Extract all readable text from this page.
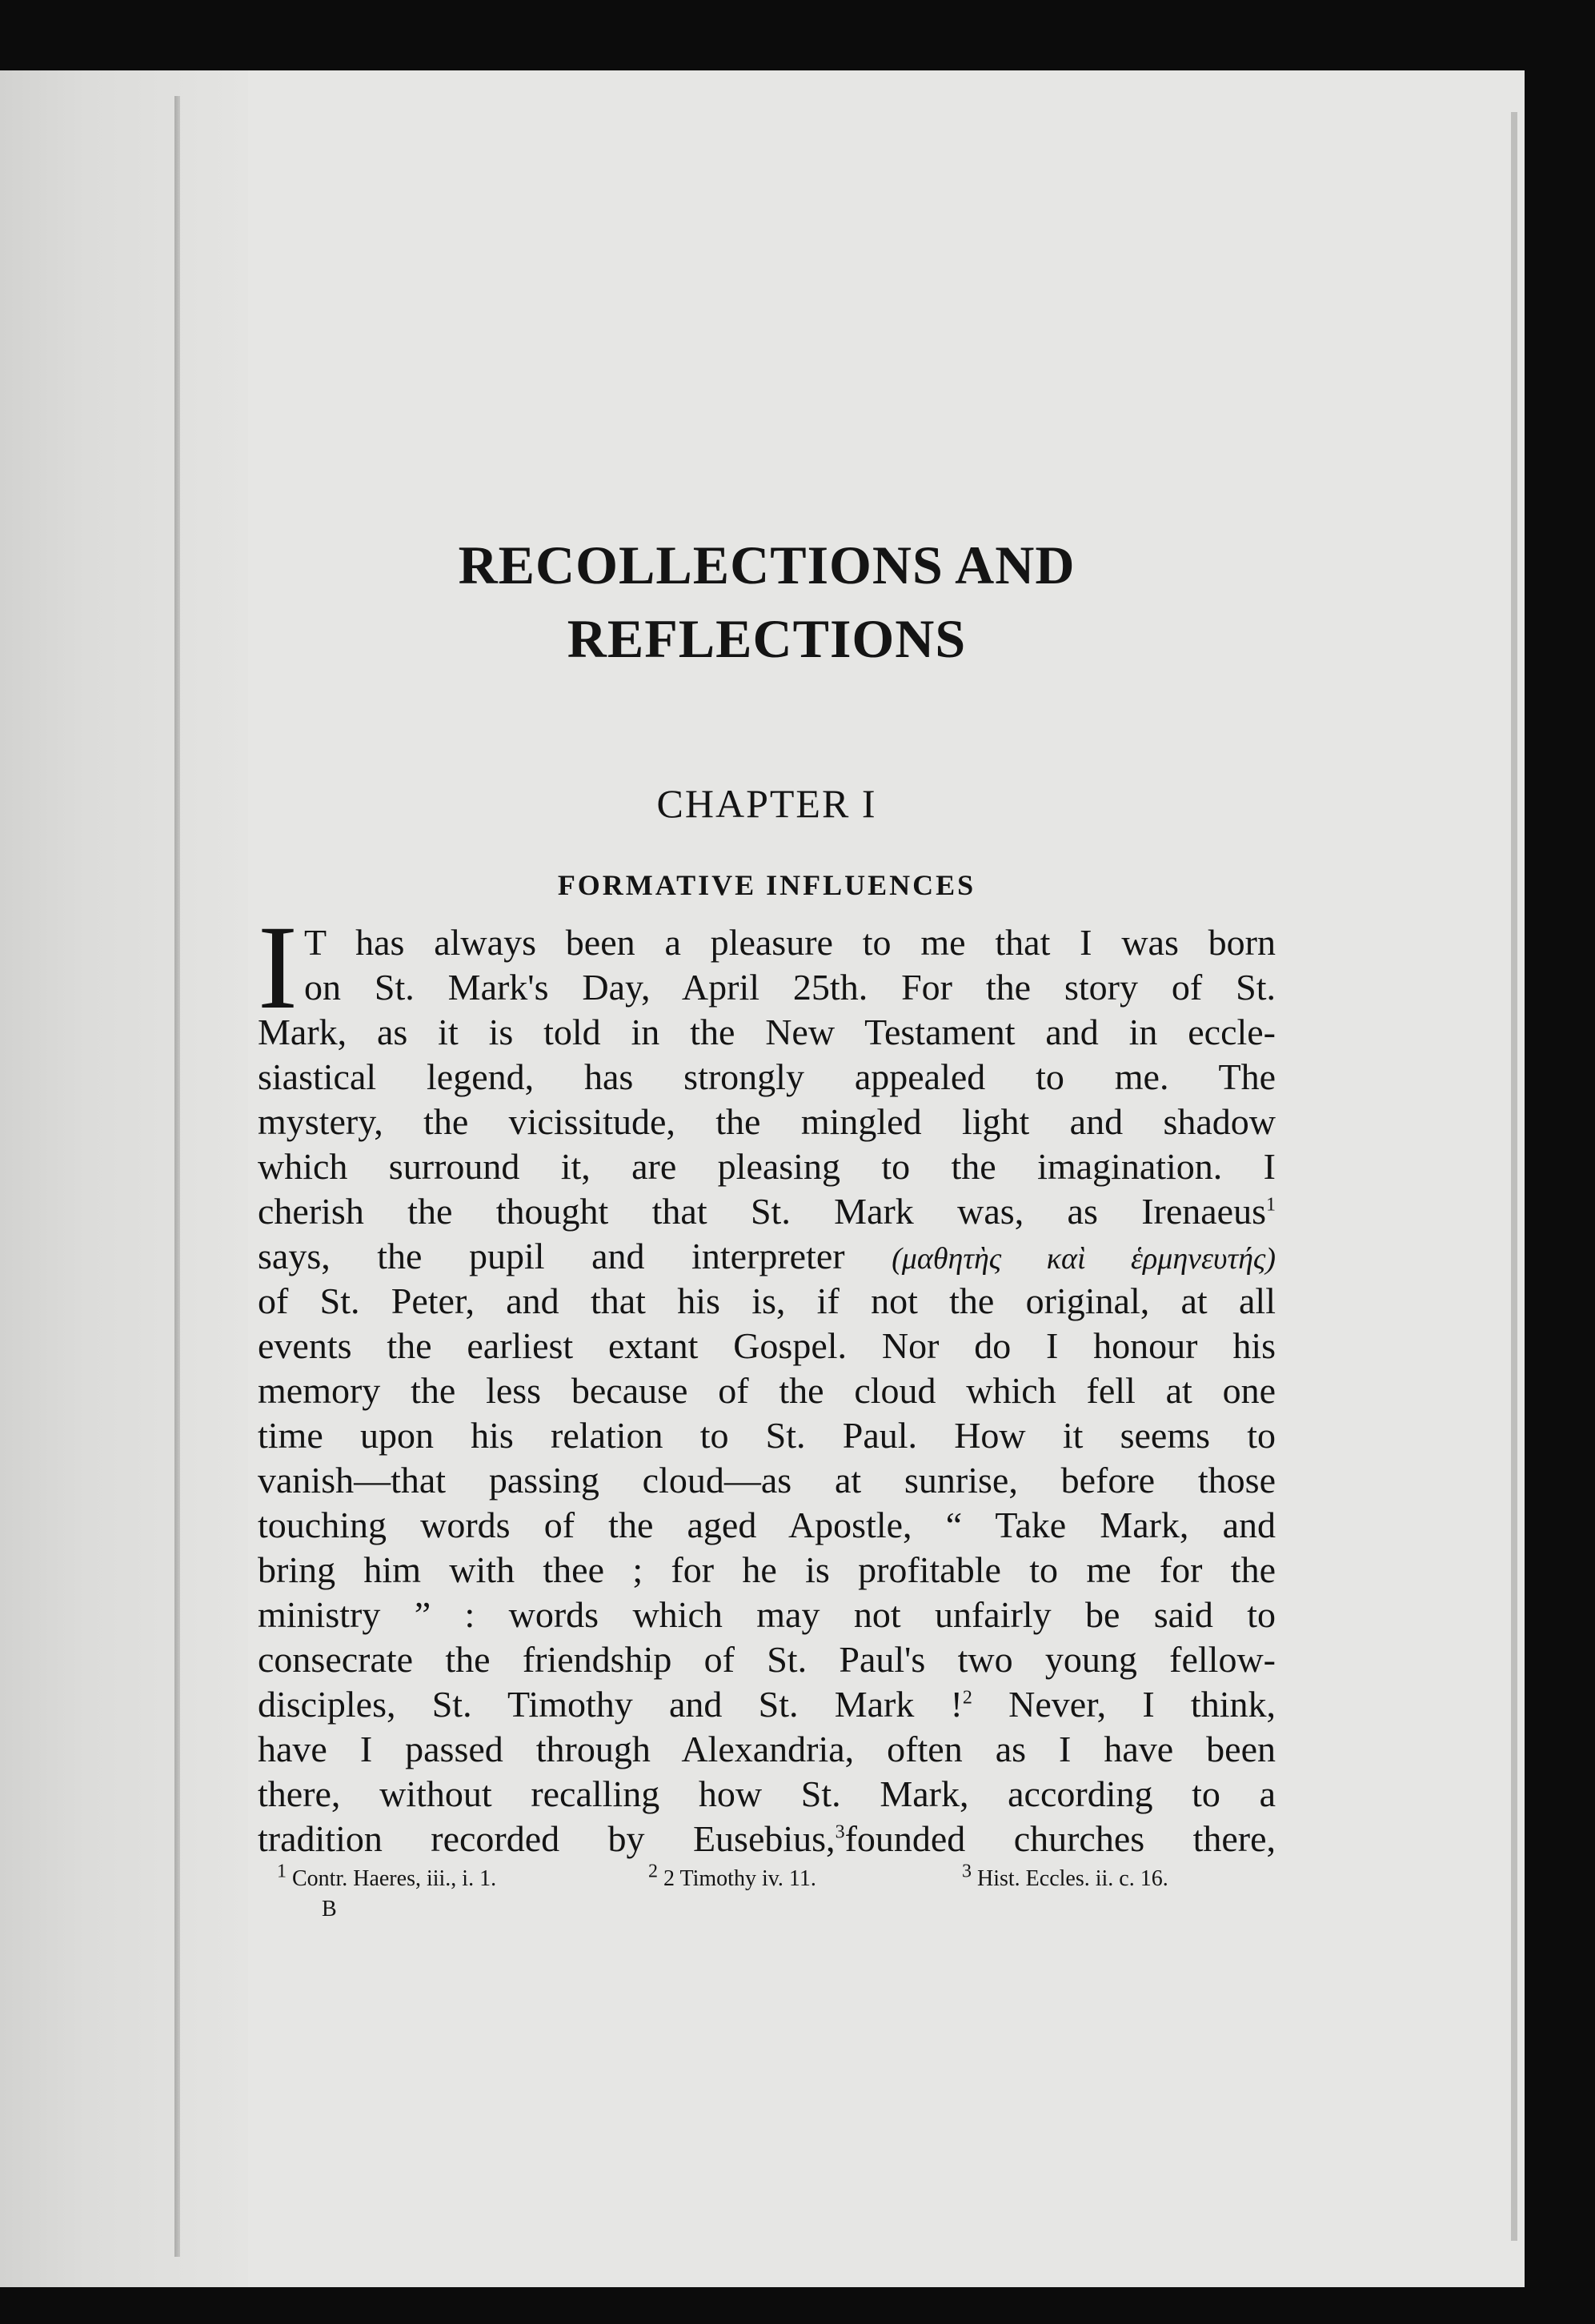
RECOLLECTIONS AND
REFLECTIONS
CHAPTER I
FORMATIVE INFLUENCES
I T has always been a pleasure to me that I was born
on St. Mark's Day, April 25th. For the story of St.
Mark, as it is told in the New Testament and in eccle-
siastical legend, has strongly appealed to me. The
mystery, the vicissitude, the mingled light and shadow
which surround it, are pleasing to the imagination. I
cherish the thought that St. Mark was, as Irenaeus$^1$
says, the pupil and interpreter (μαθητὴς καὶ ἑρμηνευτής)
of St. Peter, and that his is, if not the original, at all
events the earliest extant Gospel. Nor do I honour his
memory the less because of the cloud which fell at one
time upon his relation to St. Paul. How it seems to
vanish—that passing cloud—as at sunrise, before those
touching words of the aged Apostle, “ Take Mark, and
bring him with thee ; for he is profitable to me for the
ministry ” : words which may not unfairly be said to
consecrate the friendship of St. Paul's two young fellow-
disciples, St. Timothy and St. Mark !$^2$ Never, I think,
have I passed through Alexandria, often as I have been
there, without recalling how St. Mark, according to a
tradition recorded by Eusebius,$^3$founded churches there,
$^1$ Contr. Haeres, iii., i. 1.	$^2$ 2 Timothy iv. 11.	$^3$ Hist. Eccles. ii. c. 16.
B
